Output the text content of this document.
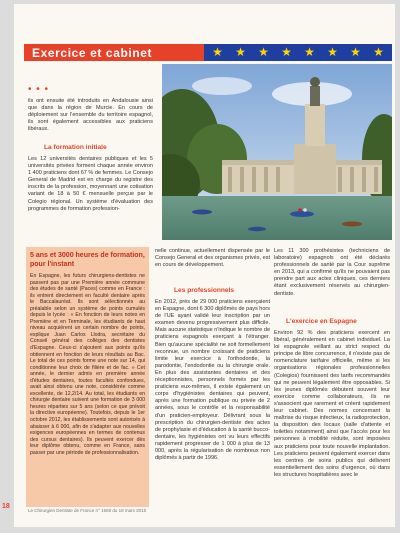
Exercice et cabinet	★ ★ ★ ★ ★ ★ ★ ★
• • •

ils ont ensuite été introduits en Andalousie ainsi que dans la région de Murcie. En cours de déploiement sur l'ensemble du territoire espagnol, ils sont également accessibles aux praticiens libéraux.

La formation initiale

Les 12 universités dentaires publiques et les 5 universités privées forment chaque année environ 1 400 praticiens dont 67 % de femmes. Le Consejo General de Madrid est en charge du registre des inscrits de la profession, moyennant une cotisation variant de 18 à 50 € mensuelle perçue par le Colegio régional. Un système d'évaluation des programmes de formation profession-

5 ans et 3000 heures de formation, pour l'instant

En Espagne, les futurs chirurgiens-dentistes ne passent pas par une Première année commune des études de santé (Paces) comme en France : ils entrent directement en faculté dentaire après le Baccalauréat. Ils sont sélectionnés au préalable selon un système de points cumulés depuis le lycée : « En fonction de leurs notes en Première et en Terminale, les étudiants de haut niveau acquièrent un certain nombre de points, explique Juan Carlos Llodra, secrétaire du Conseil général des collèges des dentistes d'Espagne. Ceux-ci s'ajoutent aux points qu'ils obtiennent en fonction de leurs résultats au Bac. Le total de ces points forme une note sur 14, qui conditionne leur choix de filière et de fac. » Cet année, le dernier admis en première année d'études dentaires, toutes facultés confondues, avait ainsi obtenu une note, considérée comme excellente, de 12,2/14. Au total, les étudiants en chirurgie dentaire suivent une formation de 3 000 heures réparties sur 5 ans (selon ce que prévoit la directive européenne). Toutefois, depuis le 1er octobre 2012, les établissements sont autorisés à abaisser à 6 000, afin de s'adapter aux nouvelles exigences européennes en termes de contenus des cursus dentaires). Ils peuvent exercer dès leur diplôme obtenu, comme en France, sans passer par une période de professionnalisation.

nelle continue, actuellement dispensée par le Consejo General et des organismes privés, est en cours de développement.

Les professionnels

En 2012, près de 29 000 praticiens exerçaient en Espagne, dont 6 300 diplômés de pays hors de l'UE ayant validé leur inscription par un examen devenu progressivement plus difficile. Mais aucune statistique n'indique le nombre de praticiens espagnols exerçant à l'étranger. Bien qu'aucune spécialité ne soit formellement reconnue, un nombre croissant de praticiens limite leur exercice à l'orthodontie, la parodontie, l'endodontie ou la chirurgie orale. En plus des assistantes dentaires et des réceptionnistes, personnels formés par les praticiens eux-mêmes, il existe également un corps d'hygiénistes dentaires qui peuvent, après une formation publique ou privée de 2 années, sous le contrôle et la responsabilité d'un praticien-employeur. Délivrant sous la prescription du chirurgien-dentiste des actes de prophylaxie et d'éducation à la santé bucco-dentaire, les hygiénistes ont vu leurs effectifs rapidement progresser de 1 000 à plus de 13 000, après la régularisation de nombreux non diplômés à partir de 1996.

Les 11 300 prothésistes (techniciens de laboratoire) espagnols ont été déclarés professionnels de santé par la Cour suprême en 2013, qui a confirmé qu'ils ne pouvaient pas prendre part aux actes cliniques, ces derniers étant exclusivement réservés au chirurgien-dentiste.

L'exercice en Espagne

Environ 92 % des praticiens exercent en libéral, généralement en cabinet individuel. La loi espagnole veillant au strict respect du principe de libre concurrence, il n'existe pas de nomenclature tarifaire officielle, même si les organisations régionales professionnelles (Colegios) fournissent des tarifs recommandés qui ne peuvent légalement être opposables. Si les jeunes diplômés débutent souvent leur exercice comme collaborateurs, ils ne s'associent que rarement et créent rapidement leur cabinet. Des normes concernant la maîtrise du risque infectieux, la radioprotection, la disposition des locaux (salle d'attente et toilettes notamment) ainsi que l'accès pour les personnes à mobilité réduite, sont imposées aux praticiens pour toute nouvelle implantation. Les praticiens peuvent également exercer dans les centres de soins publics qui délivrent essentiellement des soins d'urgence, où dans les structures hospitalières avec le

Le Chirurgien Dentiste de France n° 1659 du 19 mars 2015
18
